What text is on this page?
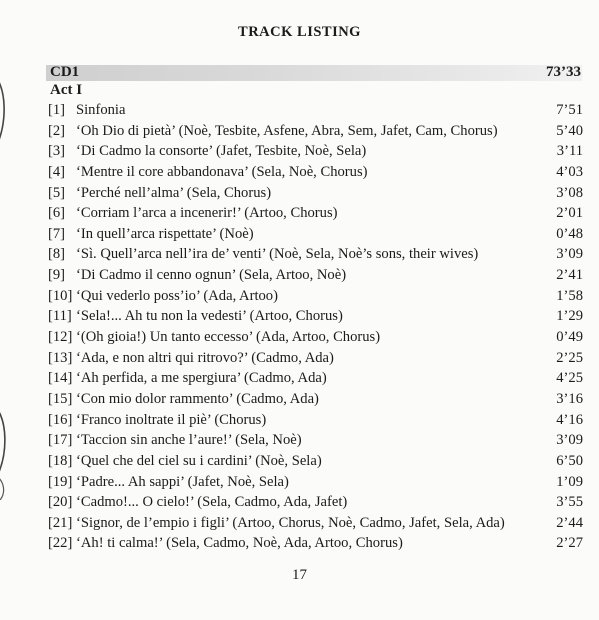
TRACK LISTING
CD1	73’33
Act I
[1] Sinfonia	7’51
[2] ‘Oh Dio di pietà’ (Noè, Tesbite, Asfene, Abra, Sem, Jafet, Cam, Chorus)	5’40
[3] ‘Di Cadmo la consorte’ (Jafet, Tesbite, Noè, Sela)	3’11
[4] ‘Mentre il core abbandonava’ (Sela, Noè, Chorus)	4’03
[5] ‘Perché nell’alma’ (Sela, Chorus)	3’08
[6] ‘Corriam l’arca a incenerir!’ (Artoo, Chorus)	2’01
[7] ‘In quell’arca rispettate’ (Noè)	0’48
[8] ‘Sì. Quell’arca nell’ira de’ venti’ (Noè, Sela, Noè’s sons, their wives)	3’09
[9] ‘Di Cadmo il cenno ognun’ (Sela, Artoo, Noè)	2’41
[10] ‘Qui vederlo poss’io’ (Ada, Artoo)	1’58
[11] ‘Sela!... Ah tu non la vedesti’ (Artoo, Chorus)	1’29
[12] ‘(Oh gioia!) Un tanto eccesso’ (Ada, Artoo, Chorus)	0’49
[13] ‘Ada, e non altri qui ritrovo?’ (Cadmo, Ada)	2’25
[14] ‘Ah perfida, a me spergiura’ (Cadmo, Ada)	4’25
[15] ‘Con mio dolor rammento’ (Cadmo, Ada)	3’16
[16] ‘Franco inoltrate il piè’ (Chorus)	4’16
[17] ‘Taccion sin anche l’aure!’ (Sela, Noè)	3’09
[18] ‘Quel che del ciel su i cardini’ (Noè, Sela)	6’50
[19] ‘Padre... Ah sappi’ (Jafet, Noè, Sela)	1’09
[20] ‘Cadmo!... O cielo!’ (Sela, Cadmo, Ada, Jafet)	3’55
[21] ‘Signor, de l’empio i figli’ (Artoo, Chorus, Noè, Cadmo, Jafet, Sela, Ada)	2’44
[22] ‘Ah! ti calma!’ (Sela, Cadmo, Noè, Ada, Artoo, Chorus)	2’27
17
